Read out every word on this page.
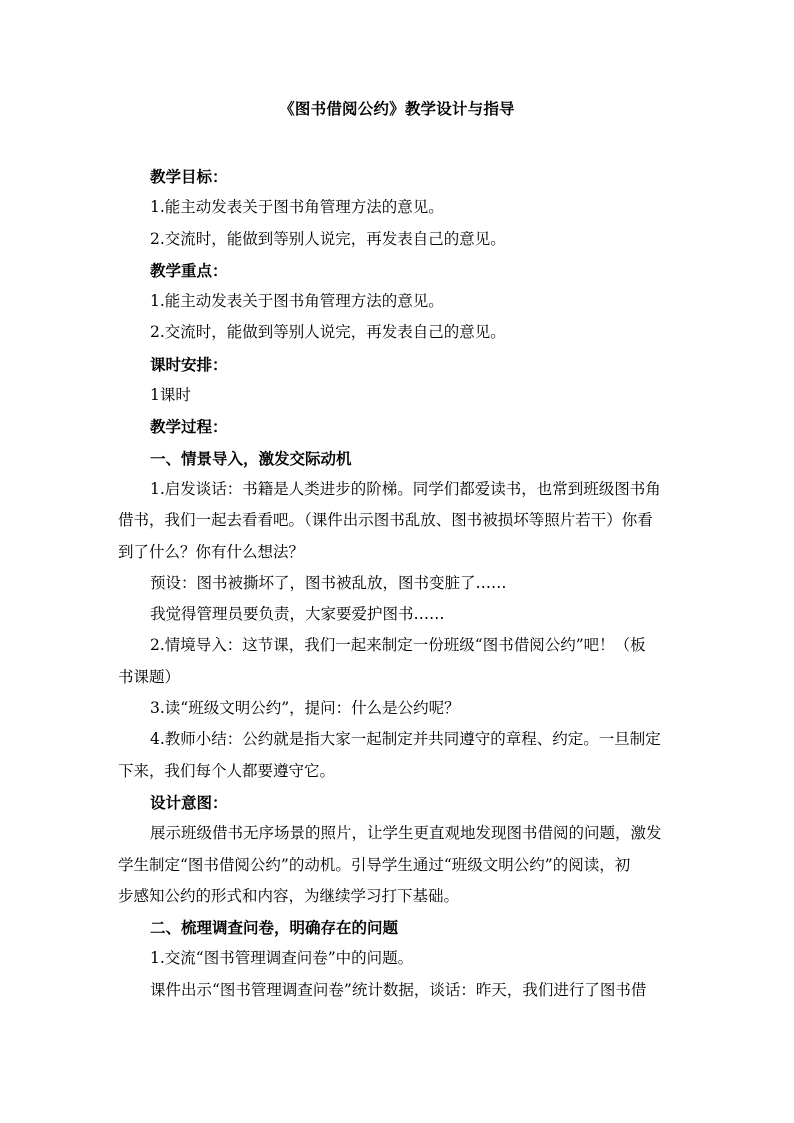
《图书借阅公约》教学设计与指导

教学目标：

1.能主动发表关于图书角管理方法的意见。

2.交流时，能做到等别人说完，再发表自己的意见。

教学重点：

1.能主动发表关于图书角管理方法的意见。

2.交流时，能做到等别人说完，再发表自己的意见。

课时安排：

1课时

教学过程：

一、情景导入，激发交际动机

1.启发谈话：书籍是人类进步的阶梯。同学们都爱读书，也常到班级图书角

借书，我们一起去看看吧。（课件出示图书乱放、图书被损坏等照片若干）你看

到了什么？你有什么想法？

预设：图书被撕坏了，图书被乱放，图书变脏了……

我觉得管理员要负责，大家要爱护图书……

2.情境导入：这节课，我们一起来制定一份班级“图书借阅公约”吧！（板

书课题）

3.读“班级文明公约”，提问：什么是公约呢？

4.教师小结：公约就是指大家一起制定并共同遵守的章程、约定。一旦制定

下来，我们每个人都要遵守它。

设计意图：

展示班级借书无序场景的照片，让学生更直观地发现图书借阅的问题，激发

学生制定“图书借阅公约”的动机。引导学生通过“班级文明公约”的阅读，初

步感知公约的形式和内容，为继续学习打下基础。

二、梳理调查问卷，明确存在的问题

1.交流“图书管理调查问卷”中的问题。

课件出示“图书管理调查问卷”统计数据，谈话：昨天，我们进行了图书借
